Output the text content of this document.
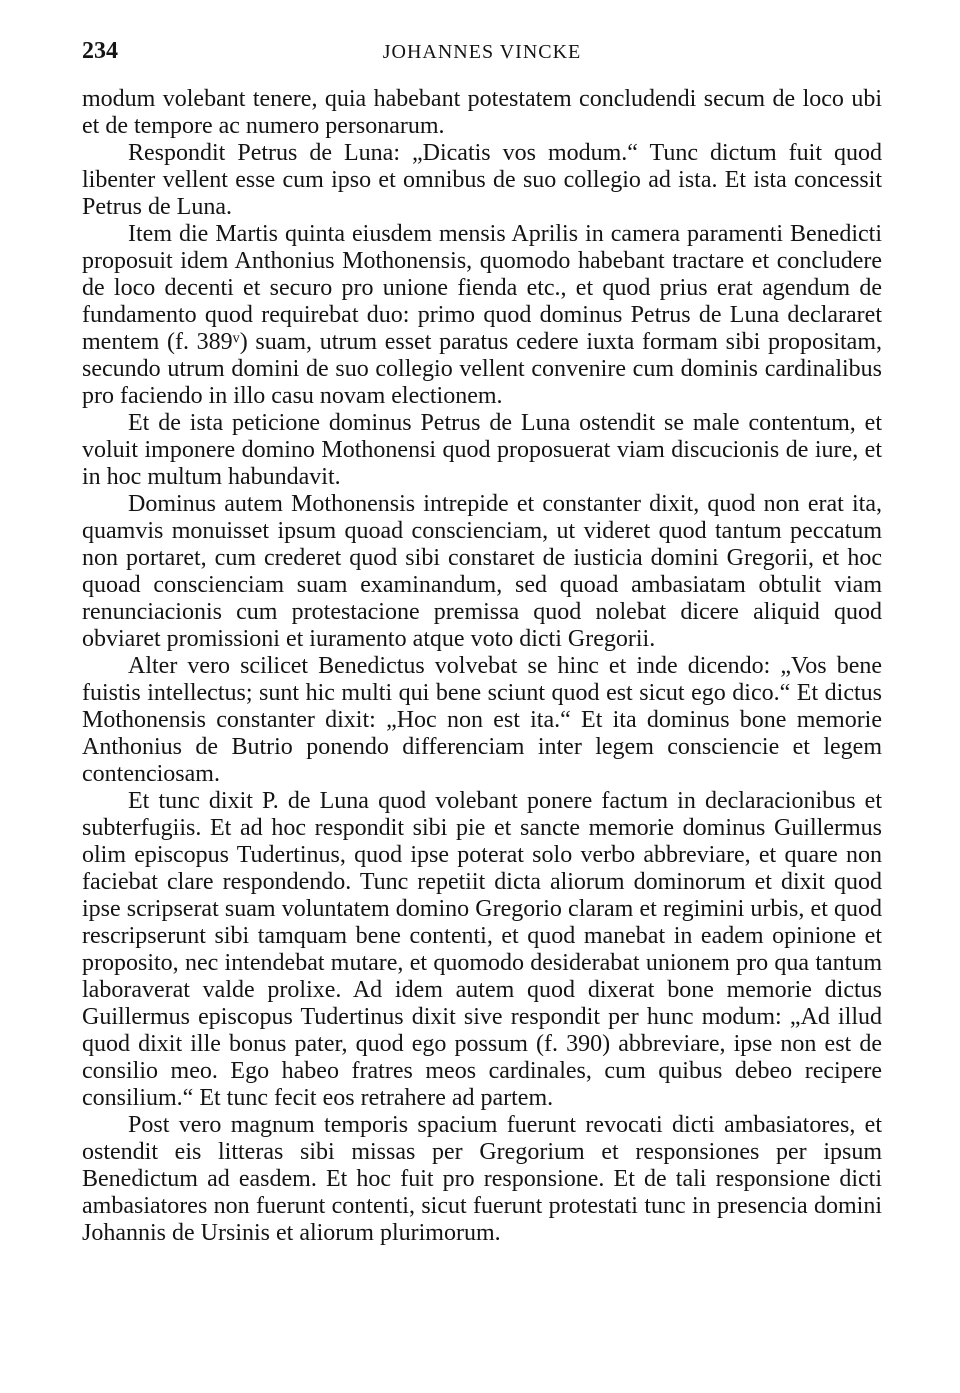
234	JOHANNES VINCKE

modum volebant tenere, quia habebant potestatem concludendi secum de loco ubi et de tempore ac numero personarum.

Respondit Petrus de Luna: „Dicatis vos modum.“ Tunc dictum fuit quod libenter vellent esse cum ipso et omnibus de suo collegio ad ista. Et ista concessit Petrus de Luna.

Item die Martis quinta eiusdem mensis Aprilis in camera paramenti Benedicti proposuit idem Anthonius Mothonensis, quomodo habebant tractare et concludere de loco decenti et securo pro unione fienda etc., et quod prius erat agendum de fundamento quod requirebat duo: primo quod dominus Petrus de Luna declararet mentem (f. 389ᵛ) suam, utrum esset paratus cedere iuxta formam sibi propositam, secundo utrum domini de suo collegio vellent convenire cum dominis cardinalibus pro faciendo in illo casu novam electionem.

Et de ista peticione dominus Petrus de Luna ostendit se male contentum, et voluit imponere domino Mothonensi quod proposuerat viam discucionis de iure, et in hoc multum habundavit.

Dominus autem Mothonensis intrepide et constanter dixit, quod non erat ita, quamvis monuisset ipsum quoad conscienciam, ut videret quod tantum peccatum non portaret, cum crederet quod sibi constaret de iusticia domini Gregorii, et hoc quoad conscienciam suam examinandum, sed quoad ambasiatam obtulit viam renunciacionis cum protestacione premissa quod nolebat dicere aliquid quod obviaret promissioni et iuramento atque voto dicti Gregorii.

Alter vero scilicet Benedictus volvebat se hinc et inde dicendo: „Vos bene fuistis intellectus; sunt hic multi qui bene sciunt quod est sicut ego dico.“ Et dictus Mothonensis constanter dixit: „Hoc non est ita.“ Et ita dominus bone memorie Anthonius de Butrio ponendo differenciam inter legem consciencie et legem contenciosam.

Et tunc dixit P. de Luna quod volebant ponere factum in declaracionibus et subterfugiis. Et ad hoc respondit sibi pie et sancte memorie dominus Guillermus olim episcopus Tudertinus, quod ipse poterat solo verbo abbreviare, et quare non faciebat clare respondendo. Tunc repetiit dicta aliorum dominorum et dixit quod ipse scripserat suam voluntatem domino Gregorio claram et regimini urbis, et quod rescripserunt sibi tamquam bene contenti, et quod manebat in eadem opinione et proposito, nec intendebat mutare, et quomodo desiderabat unionem pro qua tantum laboraverat valde prolixe. Ad idem autem quod dixerat bone memorie dictus Guillermus episcopus Tudertinus dixit sive respondit per hunc modum: „Ad illud quod dixit ille bonus pater, quod ego possum (f. 390) abbreviare, ipse non est de consilio meo. Ego habeo fratres meos cardinales, cum quibus debeo recipere consilium.“ Et tunc fecit eos retrahere ad partem.

Post vero magnum temporis spacium fuerunt revocati dicti ambasiatores, et ostendit eis litteras sibi missas per Gregorium et responsiones per ipsum Benedictum ad easdem. Et hoc fuit pro responsione. Et de tali responsione dicti ambasiatores non fuerunt contenti, sicut fuerunt protestati tunc in presencia domini Johannis de Ursinis et aliorum plurimorum.
